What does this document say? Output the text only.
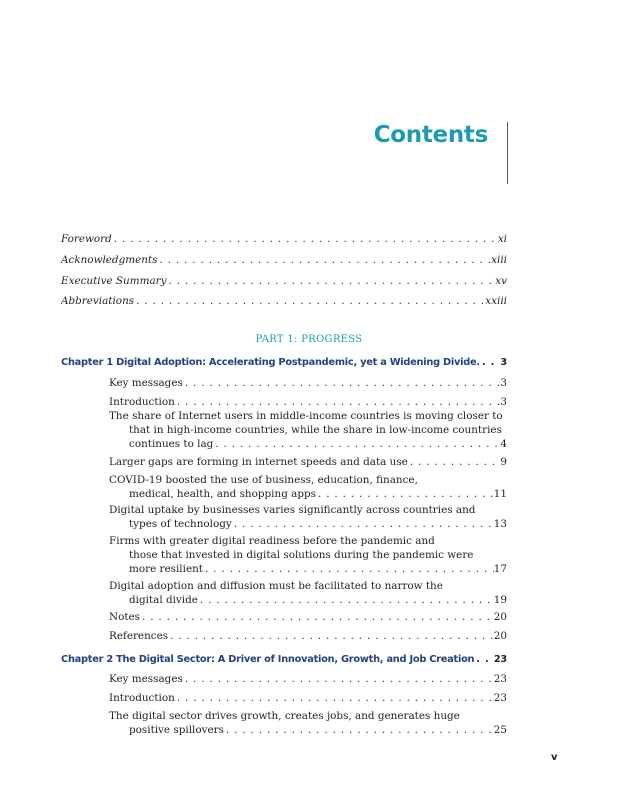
Contents
Foreword . . .	xi
Acknowledgments . . .	xiii
Executive Summary . . .	xv
Abbreviations . . .	xxiii
PART 1: PROGRESS
Chapter 1 Digital Adoption: Accelerating Postpandemic, yet a Widening Divide. . . . 3
Key messages . . .	3
Introduction . . .	3
The share of Internet users in middle-income countries is moving closer to
that in high-income countries, while the share in low-income countries
continues to lag . . .	4
Larger gaps are forming in internet speeds and data use . . .	9
COVID-19 boosted the use of business, education, finance,
medical, health, and shopping apps . . .	11
Digital uptake by businesses varies significantly across countries and
types of technology . . .	13
Firms with greater digital readiness before the pandemic and
those that invested in digital solutions during the pandemic were
more resilient . . .	17
Digital adoption and diffusion must be facilitated to narrow the
digital divide . . .	19
Notes . . .	20
References . . .	20
Chapter 2 The Digital Sector: A Driver of Innovation, Growth, and Job Creation . . . 23
Key messages . . .	23
Introduction . . .	23
The digital sector drives growth, creates jobs, and generates huge
positive spillovers . . .	25
v
